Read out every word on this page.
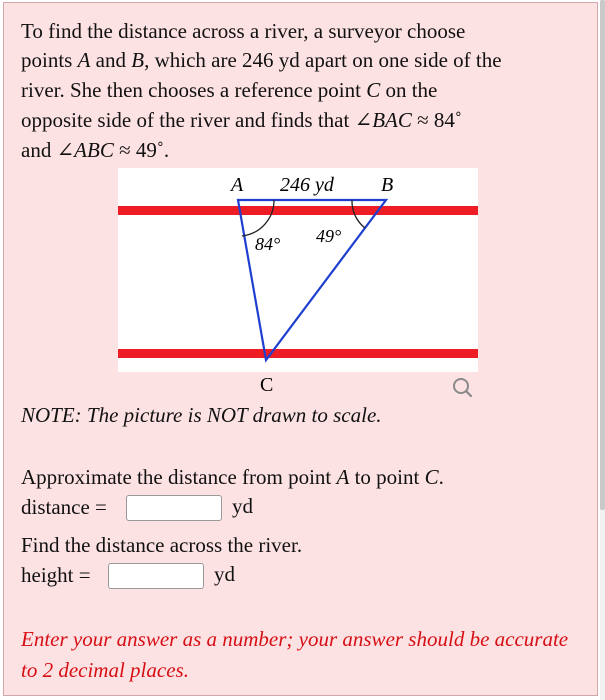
To find the distance across a river, a surveyor choose
points A and B, which are 246 yd apart on one side of the
river. She then chooses a reference point C on the
opposite side of the river and finds that ∠BAC ≈ 84˚
and ∠ABC ≈ 49˚.
A 246 yd B
84° 49°
C
NOTE: The picture is NOT drawn to scale.
Approximate the distance from point A to point C.
distance =	yd
Find the distance across the river.
height =	yd
Enter your answer as a number; your answer should be accurate to 2 decimal places.
